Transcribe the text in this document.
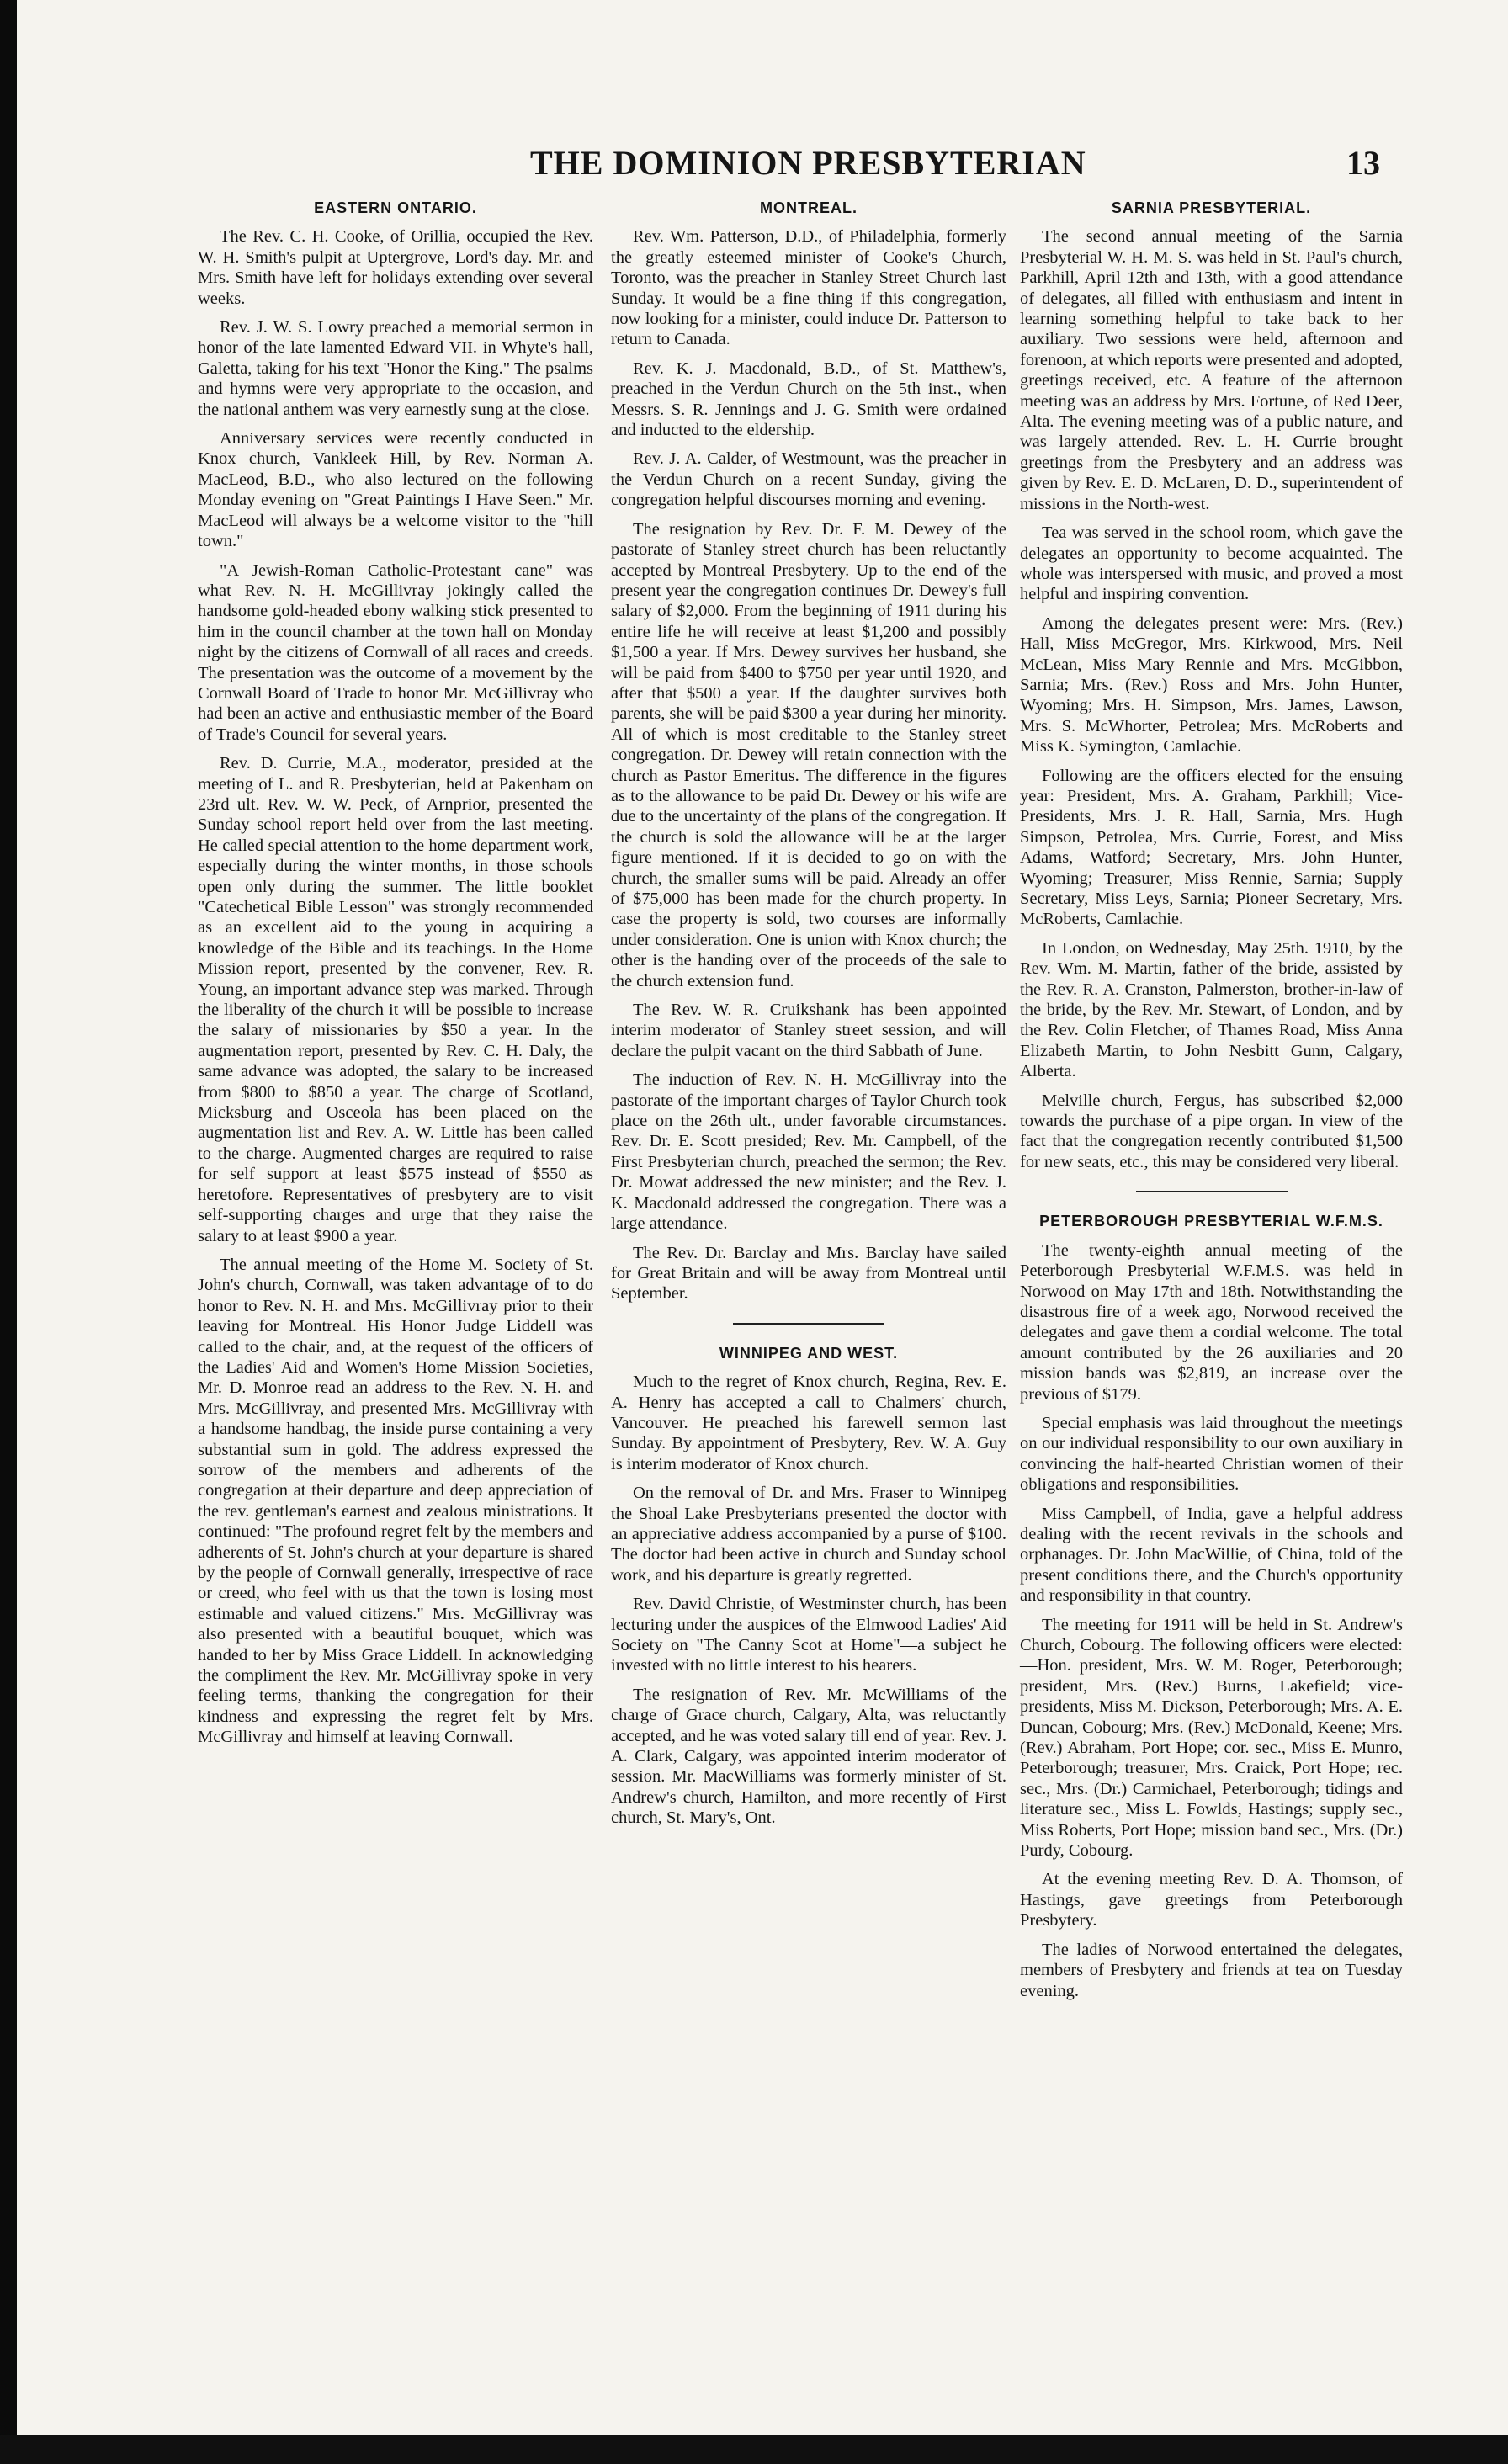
THE DOMINION PRESBYTERIAN	13
EASTERN ONTARIO.

The Rev. C. H. Cooke, of Orillia, occupied the Rev. W. H. Smith's pulpit at Uptergrove, Lord's day. Mr. and Mrs. Smith have left for holidays extending over several weeks.

Rev. J. W. S. Lowry preached a memorial sermon in honor of the late lamented Edward VII. in Whyte's hall, Galetta, taking for his text "Honor the King." The psalms and hymns were very appropriate to the occasion, and the national anthem was very earnestly sung at the close.

Anniversary services were recently conducted in Knox church, Vankleek Hill, by Rev. Norman A. MacLeod, B.D., who also lectured on the following Monday evening on "Great Paintings I Have Seen." Mr. MacLeod will always be a welcome visitor to the "hill town."

"A Jewish-Roman Catholic-Protestant cane" was what Rev. N. H. McGillivray jokingly called the handsome gold-headed ebony walking stick presented to him in the council chamber at the town hall on Monday night by the citizens of Cornwall of all races and creeds. The presentation was the outcome of a movement by the Cornwall Board of Trade to honor Mr. McGillivray who had been an active and enthusiastic member of the Board of Trade's Council for several years.

Rev. D. Currie, M.A., moderator, presided at the meeting of L. and R. Presbyterian, held at Pakenham on 23rd ult. Rev. W. W. Peck, of Arnprior, presented the Sunday school report held over from the last meeting. He called special attention to the home department work, especially during the winter months, in those schools open only during the summer. The little booklet "Catechetical Bible Lesson" was strongly recommended as an excellent aid to the young in acquiring a knowledge of the Bible and its teachings. In the Home Mission report, presented by the convener, Rev. R. Young, an important advance step was marked. Through the liberality of the church it will be possible to increase the salary of missionaries by $50 a year. In the augmentation report, presented by Rev. C. H. Daly, the same advance was adopted, the salary to be increased from $800 to $850 a year. The charge of Scotland, Micksburg and Osceola has been placed on the augmentation list and Rev. A. W. Little has been called to the charge. Augmented charges are required to raise for self support at least $575 instead of $550 as heretofore. Representatives of presbytery are to visit self-supporting charges and urge that they raise the salary to at least $900 a year.

The annual meeting of the Home M. Society of St. John's church, Cornwall, was taken advantage of to do honor to Rev. N. H. and Mrs. McGillivray prior to their leaving for Montreal. His Honor Judge Liddell was called to the chair, and, at the request of the officers of the Ladies' Aid and Women's Home Mission Societies, Mr. D. Monroe read an address to the Rev. N. H. and Mrs. McGillivray, and presented Mrs. McGillivray with a handsome handbag, the inside purse containing a very substantial sum in gold. The address expressed the sorrow of the members and adherents of the congregation at their departure and deep appreciation of the rev. gentleman's earnest and zealous ministrations. It continued: "The profound regret felt by the members and adherents of St. John's church at your departure is shared by the people of Cornwall generally, irrespective of race or creed, who feel with us that the town is losing most estimable and valued citizens." Mrs. McGillivray was also presented with a beautiful bouquet, which was handed to her by Miss Grace Liddell. In acknowledging the compliment the Rev. Mr. McGillivray spoke in very feeling terms, thanking the congregation for their kindness and expressing the regret felt by Mrs. McGillivray and himself at leaving Cornwall.

MONTREAL.

Rev. Wm. Patterson, D.D., of Philadelphia, formerly the greatly esteemed minister of Cooke's Church, Toronto, was the preacher in Stanley Street Church last Sunday. It would be a fine thing if this congregation, now looking for a minister, could induce Dr. Patterson to return to Canada.

Rev. K. J. Macdonald, B.D., of St. Matthew's, preached in the Verdun Church on the 5th inst., when Messrs. S. R. Jennings and J. G. Smith were ordained and inducted to the eldership.

Rev. J. A. Calder, of Westmount, was the preacher in the Verdun Church on a recent Sunday, giving the congregation helpful discourses morning and evening.

The resignation by Rev. Dr. F. M. Dewey of the pastorate of Stanley street church has been reluctantly accepted by Montreal Presbytery. Up to the end of the present year the congregation continues Dr. Dewey's full salary of $2,000. From the beginning of 1911 during his entire life he will receive at least $1,200 and possibly $1,500 a year. If Mrs. Dewey survives her husband, she will be paid from $400 to $750 per year until 1920, and after that $500 a year. If the daughter survives both parents, she will be paid $300 a year during her minority. All of which is most creditable to the Stanley street congregation. Dr. Dewey will retain connection with the church as Pastor Emeritus. The difference in the figures as to the allowance to be paid Dr. Dewey or his wife are due to the uncertainty of the plans of the congregation. If the church is sold the allowance will be at the larger figure mentioned. If it is decided to go on with the church, the smaller sums will be paid. Already an offer of $75,000 has been made for the church property. In case the property is sold, two courses are informally under consideration. One is union with Knox church; the other is the handing over of the proceeds of the sale to the church extension fund.

The Rev. W. R. Cruikshank has been appointed interim moderator of Stanley street session, and will declare the pulpit vacant on the third Sabbath of June.

The induction of Rev. N. H. McGillivray into the pastorate of the important charges of Taylor Church took place on the 26th ult., under favorable circumstances. Rev. Dr. E. Scott presided; Rev. Mr. Campbell, of the First Presbyterian church, preached the sermon; the Rev. Dr. Mowat addressed the new minister; and the Rev. J. K. Macdonald addressed the congregation. There was a large attendance.

The Rev. Dr. Barclay and Mrs. Barclay have sailed for Great Britain and will be away from Montreal until September.

WINNIPEG AND WEST.

Much to the regret of Knox church, Regina, Rev. E. A. Henry has accepted a call to Chalmers' church, Vancouver. He preached his farewell sermon last Sunday. By appointment of Presbytery, Rev. W. A. Guy is interim moderator of Knox church.

On the removal of Dr. and Mrs. Fraser to Winnipeg the Shoal Lake Presbyterians presented the doctor with an appreciative address accompanied by a purse of $100. The doctor had been active in church and Sunday school work, and his departure is greatly regretted.

Rev. David Christie, of Westminster church, has been lecturing under the auspices of the Elmwood Ladies' Aid Society on "The Canny Scot at Home"—a subject he invested with no little interest to his hearers.

The resignation of Rev. Mr. McWilliams of the charge of Grace church, Calgary, Alta, was reluctantly accepted, and he was voted salary till end of year. Rev. J. A. Clark, Calgary, was appointed interim moderator of session. Mr. MacWilliams was formerly minister of St. Andrew's church, Hamilton, and more recently of First church, St. Mary's, Ont.

SARNIA PRESBYTERIAL.

The second annual meeting of the Sarnia Presbyterial W. H. M. S. was held in St. Paul's church, Parkhill, April 12th and 13th, with a good attendance of delegates, all filled with enthusiasm and intent in learning something helpful to take back to her auxiliary. Two sessions were held, afternoon and forenoon, at which reports were presented and adopted, greetings received, etc. A feature of the afternoon meeting was an address by Mrs. Fortune, of Red Deer, Alta. The evening meeting was of a public nature, and was largely attended. Rev. L. H. Currie brought greetings from the Presbytery and an address was given by Rev. E. D. McLaren, D. D., superintendent of missions in the North-west.

Tea was served in the school room, which gave the delegates an opportunity to become acquainted. The whole was interspersed with music, and proved a most helpful and inspiring convention.

Among the delegates present were: Mrs. (Rev.) Hall, Miss McGregor, Mrs. Kirkwood, Mrs. Neil McLean, Miss Mary Rennie and Mrs. McGibbon, Sarnia; Mrs. (Rev.) Ross and Mrs. John Hunter, Wyoming; Mrs. H. Simpson, Mrs. James, Lawson, Mrs. S. McWhorter, Petrolea; Mrs. McRoberts and Miss K. Symington, Camlachie.

Following are the officers elected for the ensuing year: President, Mrs. A. Graham, Parkhill; Vice-Presidents, Mrs. J. R. Hall, Sarnia, Mrs. Hugh Simpson, Petrolea, Mrs. Currie, Forest, and Miss Adams, Watford; Secretary, Mrs. John Hunter, Wyoming; Treasurer, Miss Rennie, Sarnia; Supply Secretary, Miss Leys, Sarnia; Pioneer Secretary, Mrs. McRoberts, Camlachie.

In London, on Wednesday, May 25th. 1910, by the Rev. Wm. M. Martin, father of the bride, assisted by the Rev. R. A. Cranston, Palmerston, brother-in-law of the bride, by the Rev. Mr. Stewart, of London, and by the Rev. Colin Fletcher, of Thames Road, Miss Anna Elizabeth Martin, to John Nesbitt Gunn, Calgary, Alberta.

Melville church, Fergus, has subscribed $2,000 towards the purchase of a pipe organ. In view of the fact that the congregation recently contributed $1,500 for new seats, etc., this may be considered very liberal.

PETERBOROUGH PRESBYTERIAL W.F.M.S.

The twenty-eighth annual meeting of the Peterborough Presbyterial W.F.M.S. was held in Norwood on May 17th and 18th. Notwithstanding the disastrous fire of a week ago, Norwood received the delegates and gave them a cordial welcome. The total amount contributed by the 26 auxiliaries and 20 mission bands was $2,819, an increase over the previous of $179.

Special emphasis was laid throughout the meetings on our individual responsibility to our own auxiliary in convincing the half-hearted Christian women of their obligations and responsibilities.

Miss Campbell, of India, gave a helpful address dealing with the recent revivals in the schools and orphanages. Dr. John MacWillie, of China, told of the present conditions there, and the Church's opportunity and responsibility in that country.

The meeting for 1911 will be held in St. Andrew's Church, Cobourg. The following officers were elected:—Hon. president, Mrs. W. M. Roger, Peterborough; president, Mrs. (Rev.) Burns, Lakefield; vice-presidents, Miss M. Dickson, Peterborough; Mrs. A. E. Duncan, Cobourg; Mrs. (Rev.) McDonald, Keene; Mrs. (Rev.) Abraham, Port Hope; cor. sec., Miss E. Munro, Peterborough; treasurer, Mrs. Craick, Port Hope; rec. sec., Mrs. (Dr.) Carmichael, Peterborough; tidings and literature sec., Miss L. Fowlds, Hastings; supply sec., Miss Roberts, Port Hope; mission band sec., Mrs. (Dr.) Purdy, Cobourg.

At the evening meeting Rev. D. A. Thomson, of Hastings, gave greetings from Peterborough Presbytery.

The ladies of Norwood entertained the delegates, members of Presbytery and friends at tea on Tuesday evening.
